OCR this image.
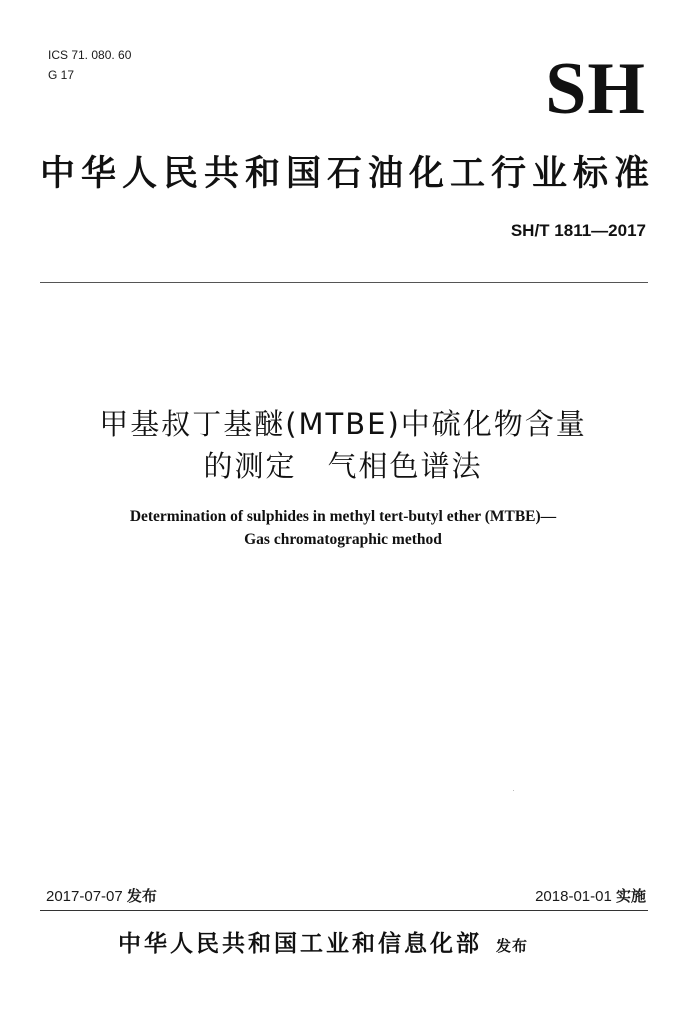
ICS 71. 080. 60
G 17	SH
中华人民共和国石油化工行业标准
SH/T 1811—2017
甲基叔丁基醚(MTBE)中硫化物含量
的测定　气相色谱法
Determination of sulphides in methyl tert-butyl ether (MTBE)—
Gas chromatographic method
2017-07-07 发布	2018-01-01 实施
中华人民共和国工业和信息化部 发布
